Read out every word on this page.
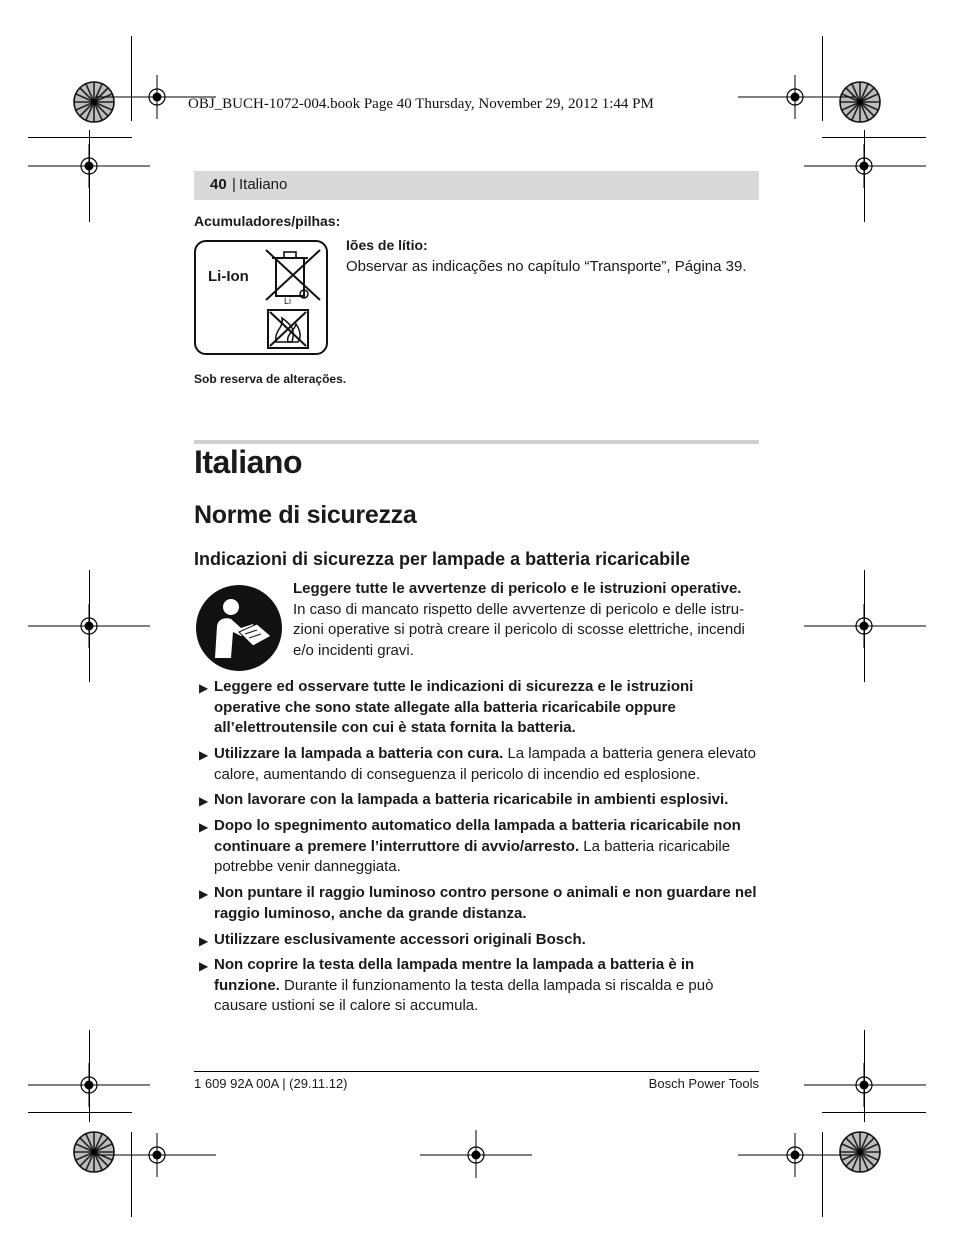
OBJ_BUCH-1072-004.book Page 40 Thursday, November 29, 2012 1:44 PM
40 | Italiano
Acumuladores/pilhas:
Li-Ion
Li
Iões de lítio:
Observar as indicações no capítulo “Transporte”, Página 39.
Sob reserva de alterações.
Italiano
Norme di sicurezza
Indicazioni di sicurezza per lampade a batteria ricaricabile
Leggere tutte le avvertenze di pericolo e le istruzioni operative.
In caso di mancato rispetto delle avvertenze di pericolo e delle istru-
zioni operative si potrà creare il pericolo di scosse elettriche, incendi
e/o incidenti gravi.
▶ Leggere ed osservare tutte le indicazioni di sicurezza e le istruzioni operative che sono state allegate alla batteria ricaricabile oppure all’elettroutensile con cui è stata fornita la batteria.
▶ Utilizzare la lampada a batteria con cura. La lampada a batteria genera elevato calore, aumentando di conseguenza il pericolo di incendio ed esplosione.
▶ Non lavorare con la lampada a batteria ricaricabile in ambienti esplosivi.
▶ Dopo lo spegnimento automatico della lampada a batteria ricaricabile non continuare a premere l’interruttore di avvio/arresto. La batteria ricaricabile potrebbe venir danneggiata.
▶ Non puntare il raggio luminoso contro persone o animali e non guardare nel raggio luminoso, anche da grande distanza.
▶ Utilizzare esclusivamente accessori originali Bosch.
▶ Non coprire la testa della lampada mentre la lampada a batteria è in funzione. Durante il funzionamento la testa della lampada si riscalda e può causare ustioni se il calore si accumula.
1 609 92A 00A | (29.11.12)	Bosch Power Tools
